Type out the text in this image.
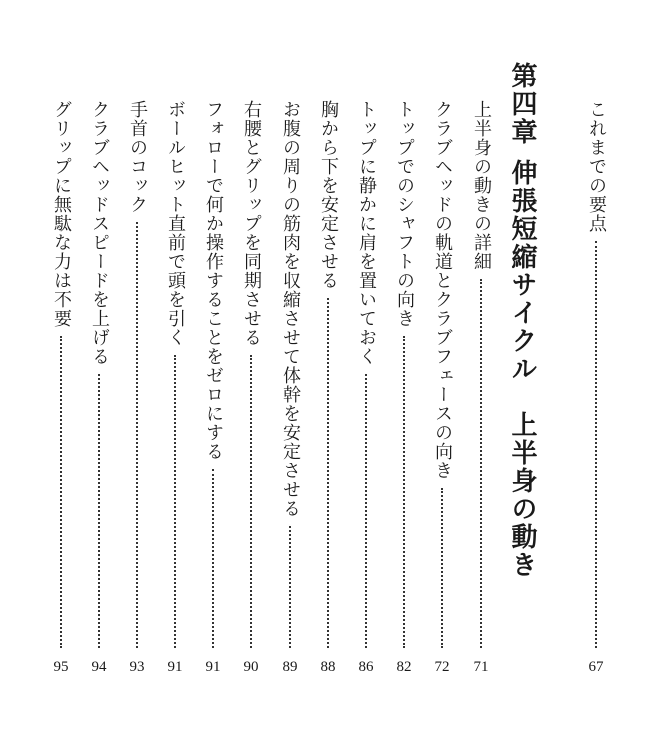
これまでの要点
67
第四章
伸張短縮サイクル　上半身の動き
上半身の動きの詳細
71
クラブヘッドの軌道とクラブフェースの向き
72
トップでのシャフトの向き
82
トップに静かに肩を置いておく
86
胸から下を安定させる
88
お腹の周りの筋肉を収縮させて体幹を安定させる
89
右腰とグリップを同期させる
90
フォローで何か操作することをゼロにする
91
ボールヒット直前で頭を引く
91
手首のコック
93
クラブヘッドスピードを上げる
94
グリップに無駄な力は不要
95
